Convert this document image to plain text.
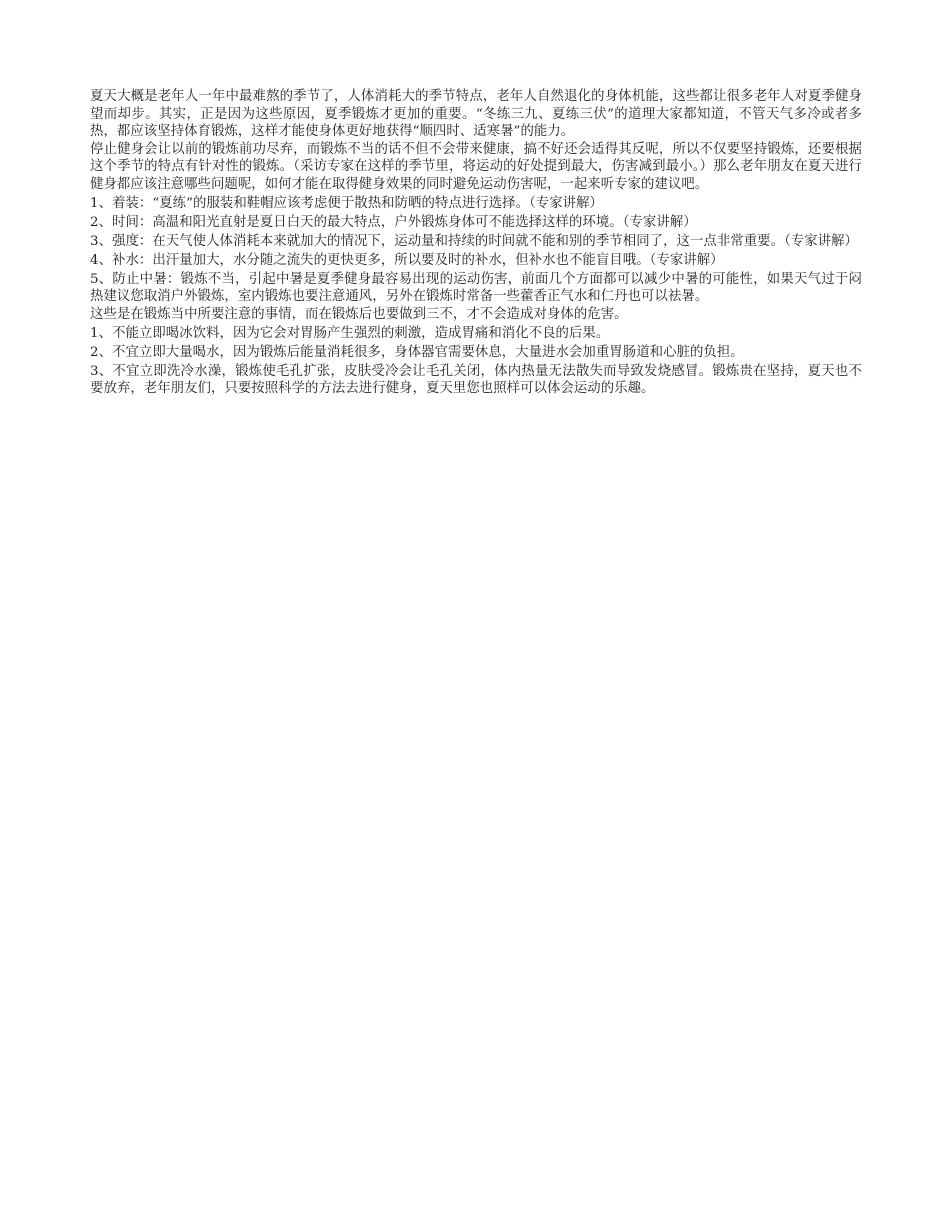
夏天大概是老年人一年中最难熬的季节了，人体消耗大的季节特点，老年人自然退化的身体机能，这些都让很多老年人对夏季健身望而却步。其实，正是因为这些原因，夏季锻炼才更加的重要。“冬练三九、夏练三伏”的道理大家都知道，不管天气多冷或者多热，都应该坚持体育锻炼，这样才能使身体更好地获得“顺四时、适寒暑”的能力。

停止健身会让以前的锻炼前功尽弃，而锻炼不当的话不但不会带来健康，搞不好还会适得其反呢，所以不仅要坚持锻炼，还要根据这个季节的特点有针对性的锻炼。（采访专家在这样的季节里，将运动的好处提到最大，伤害减到最小。）那么老年朋友在夏天进行健身都应该注意哪些问题呢，如何才能在取得健身效果的同时避免运动伤害呢，一起来听专家的建议吧。

1、着装：“夏练”的服装和鞋帽应该考虑便于散热和防晒的特点进行选择。（专家讲解）

2、时间：高温和阳光直射是夏日白天的最大特点，户外锻炼身体可不能选择这样的环境。（专家讲解）

3、强度：在天气使人体消耗本来就加大的情况下，运动量和持续的时间就不能和别的季节相同了，这一点非常重要。（专家讲解）

4、补水：出汗量加大，水分随之流失的更快更多，所以要及时的补水，但补水也不能盲目哦。（专家讲解）

5、防止中暑：锻炼不当，引起中暑是夏季健身最容易出现的运动伤害，前面几个方面都可以减少中暑的可能性，如果天气过于闷热建议您取消户外锻炼，室内锻炼也要注意通风，另外在锻炼时常备一些藿香正气水和仁丹也可以祛暑。

这些是在锻炼当中所要注意的事情，而在锻炼后也要做到三不，才不会造成对身体的危害。

1、不能立即喝冰饮料，因为它会对胃肠产生强烈的刺激，造成胃痛和消化不良的后果。

2、不宜立即大量喝水，因为锻炼后能量消耗很多，身体器官需要休息，大量进水会加重胃肠道和心脏的负担。

3、不宜立即洗冷水澡，锻炼使毛孔扩张，皮肤受冷会让毛孔关闭，体内热量无法散失而导致发烧感冒。锻炼贵在坚持，夏天也不要放弃，老年朋友们，只要按照科学的方法去进行健身，夏天里您也照样可以体会运动的乐趣。
